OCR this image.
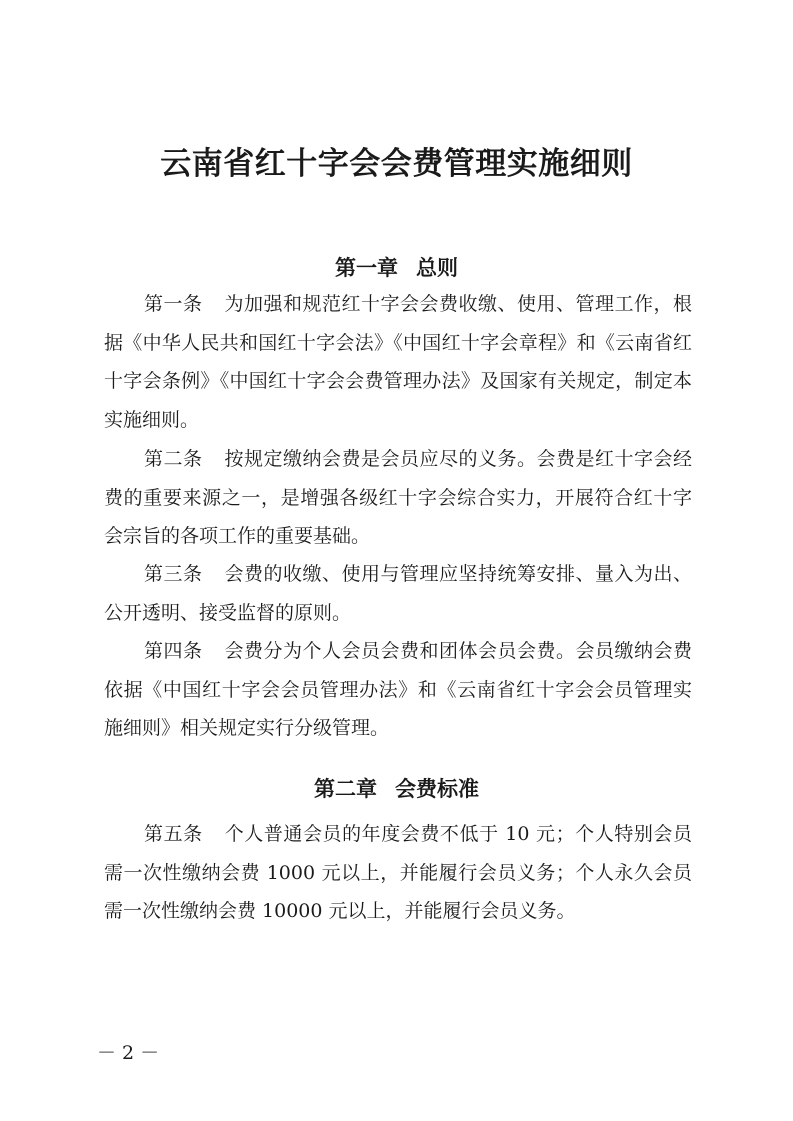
云南省红十字会会费管理实施细则
第一章 总则

第一条 为加强和规范红十字会会费收缴、使用、管理工作，根据《中华人民共和国红十字会法》《中国红十字会章程》和《云南省红十字会条例》《中国红十字会会费管理办法》及国家有关规定，制定本实施细则。

第二条 按规定缴纳会费是会员应尽的义务。会费是红十字会经费的重要来源之一，是增强各级红十字会综合实力，开展符合红十字会宗旨的各项工作的重要基础。

第三条 会费的收缴、使用与管理应坚持统筹安排、量入为出、公开透明、接受监督的原则。

第四条 会费分为个人会员会费和团体会员会费。会员缴纳会费依据《中国红十字会会员管理办法》和《云南省红十字会会员管理实施细则》相关规定实行分级管理。

第二章 会费标准

第五条 个人普通会员的年度会费不低于 10 元；个人特别会员需一次性缴纳会费 1000 元以上，并能履行会员义务；个人永久会员需一次性缴纳会费 10000 元以上，并能履行会员义务。

－ 2 －
